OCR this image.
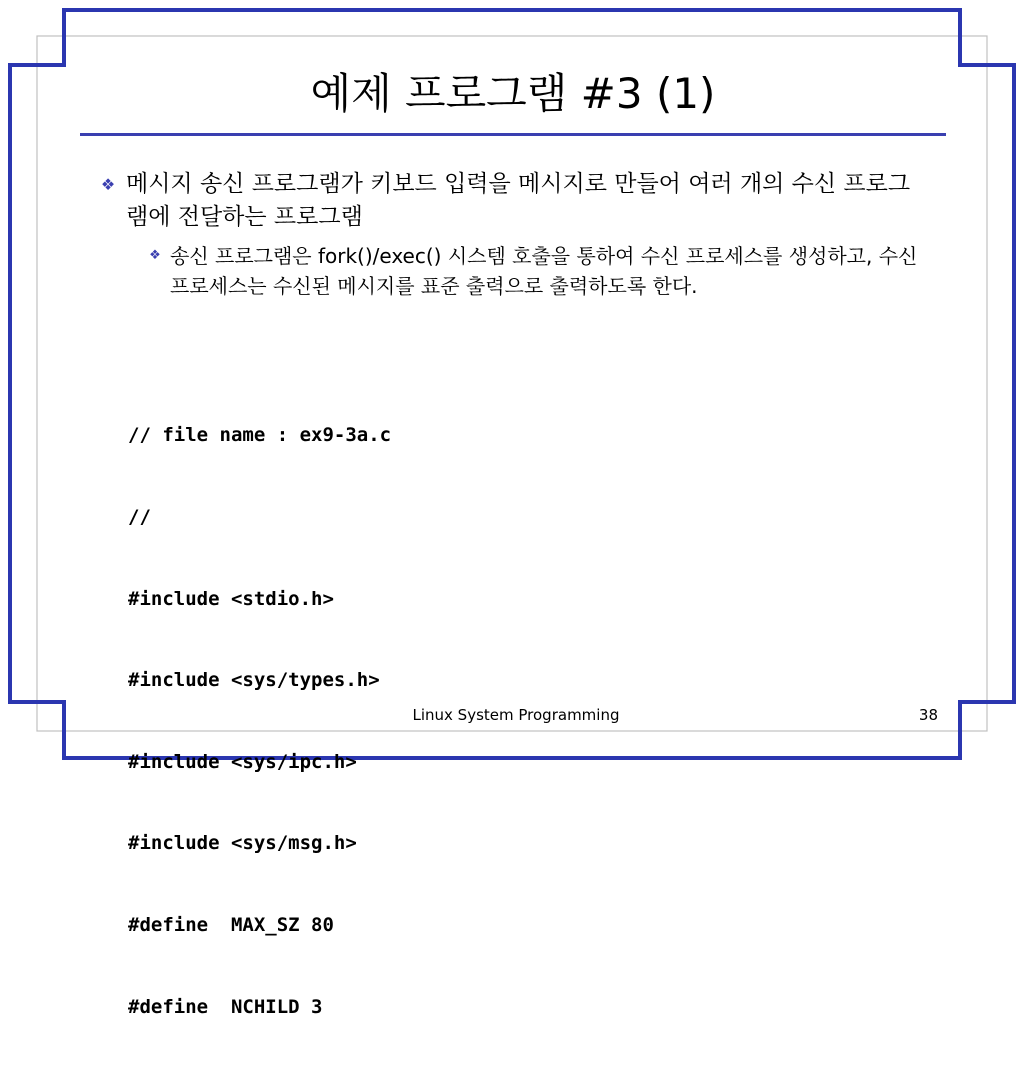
예제 프로그램 #3 (1)
❖ 메시지 송신 프로그램가 키보드 입력을 메시지로 만들어 여러 개의 수신 프로그램에 전달하는 프로그램
❖ 송신 프로그램은 fork()/exec() 시스템 호출을 통하여 수신 프로세스를 생성하고, 수신 프로세스는 수신된 메시지를 표준 출력으로 출력하도록 한다.

// file name : ex9-3a.c

//

#include <stdio.h>

#include <sys/types.h>

#include <sys/ipc.h>

#include <sys/msg.h>

#define  MAX_SZ 80

#define  NCHILD 3

Linux System Programming	38
